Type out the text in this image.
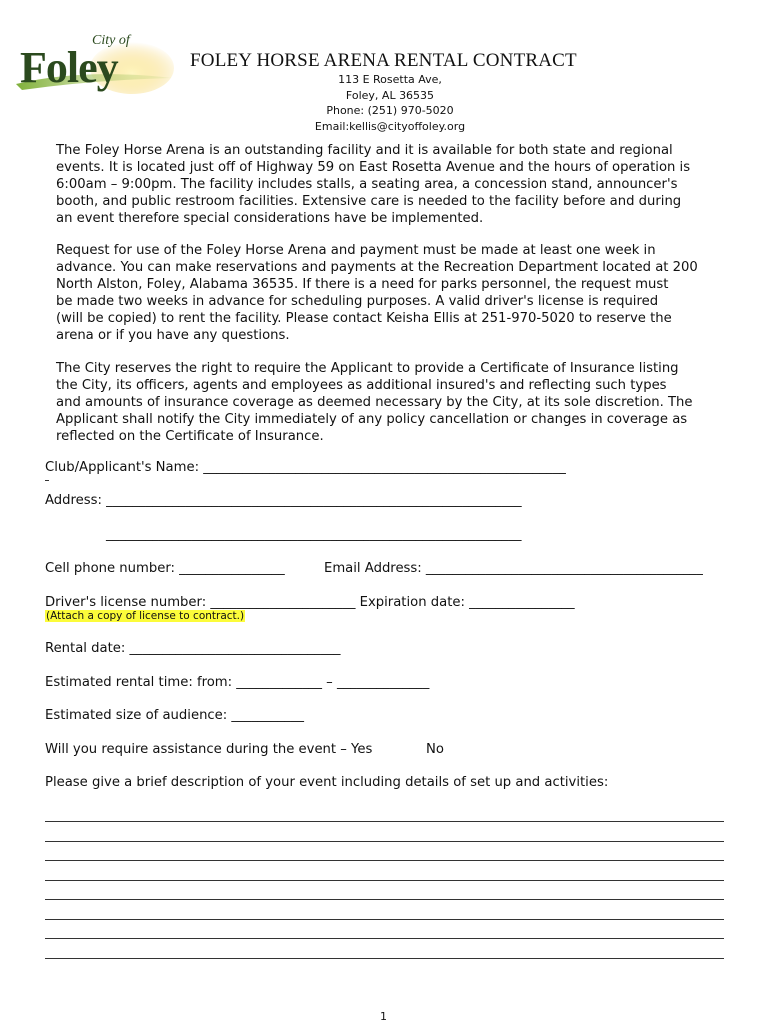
City of
Foley	FOLEY HORSE ARENA RENTAL CONTRACT
113 E Rosetta Ave,
Foley, AL 36535
Phone: (251) 970-5020
Email:kellis@cityoffoley.org

The Foley Horse Arena is an outstanding facility and it is available for both state and regional
events. It is located just off of Highway 59 on East Rosetta Avenue and the hours of operation is
6:00am – 9:00pm. The facility includes stalls, a seating area, a concession stand, announcer's
booth, and public restroom facilities. Extensive care is needed to the facility before and during
an event therefore special considerations have be implemented.

Request for use of the Foley Horse Arena and payment must be made at least one week in
advance. You can make reservations and payments at the Recreation Department located at 200
North Alston, Foley, Alabama 36535. If there is a need for parks personnel, the request must
be made two weeks in advance for scheduling purposes. A valid driver's license is required
(will be copied) to rent the facility. Please contact Keisha Ellis at 251-970-5020 to reserve the
arena or if you have any questions.

The City reserves the right to require the Applicant to provide a Certificate of Insurance listing
the City, its officers, agents and employees as additional insured's and reflecting such types
and amounts of insurance coverage as deemed necessary by the City, at its sole discretion. The
Applicant shall notify the City immediately of any policy cancellation or changes in coverage as
reflected on the Certificate of Insurance.

Club/Applicant's Name: _______________________________________________________
Address: _______________________________________________________________
_______________________________________________________________
Cell phone number: ________________	Email Address: __________________________________________
Driver's license number: ______________________ Expiration date: ________________
(Attach a copy of license to contract.)
Rental date: ________________________________
Estimated rental time: from: _____________ – ______________
Estimated size of audience: ___________
Will you require assistance during the event – Yes	No
Please give a brief description of your event including details of set up and activities:
1
